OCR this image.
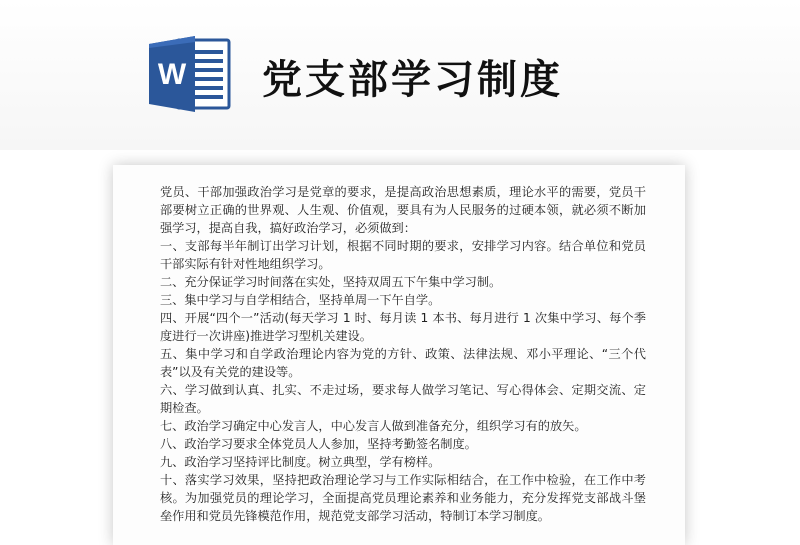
W 党支部学习制度

党员、干部加强政治学习是党章的要求，是提高政治思想素质，理论水平的需要，党员干部要树立正确的世界观、人生观、价值观，要具有为人民服务的过硬本领，就必须不断加强学习，提高自我，搞好政治学习，必须做到：

一、支部每半年制订出学习计划，根据不同时期的要求，安排学习内容。结合单位和党员干部实际有针对性地组织学习。

二、充分保证学习时间落在实处，坚持双周五下午集中学习制。

三、集中学习与自学相结合，坚持单周一下午自学。

四、开展“四个一”活动(每天学习 1 时、每月读 1 本书、每月进行 1 次集中学习、每个季度进行一次讲座)推进学习型机关建设。

五、集中学习和自学政治理论内容为党的方针、政策、法律法规、邓小平理论、“三个代表”以及有关党的建设等。

六、学习做到认真、扎实、不走过场，要求每人做学习笔记、写心得体会、定期交流、定期检查。

七、政治学习确定中心发言人，中心发言人做到准备充分，组织学习有的放矢。

八、政治学习要求全体党员人人参加，坚持考勤签名制度。

九、政治学习坚持评比制度。树立典型，学有榜样。

十、落实学习效果，坚持把政治理论学习与工作实际相结合，在工作中检验，在工作中考核。为加强党员的理论学习，全面提高党员理论素养和业务能力，充分发挥党支部战斗堡垒作用和党员先锋模范作用，规范党支部学习活动，特制订本学习制度。
